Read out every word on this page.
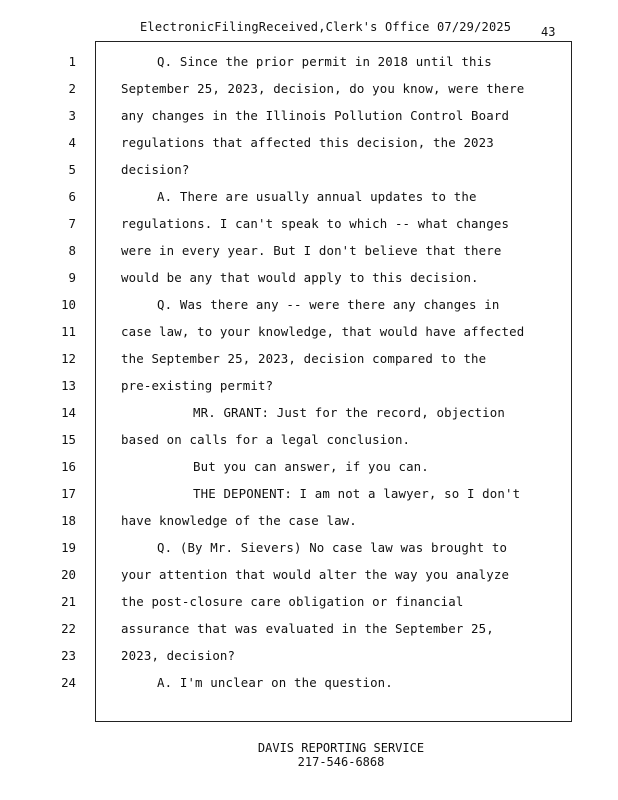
ElectronicFilingReceived,Clerk's Office 07/29/2025 43
1	Q. Since the prior permit in 2018 until this
2	September 25, 2023, decision, do you know, were there
3	any changes in the Illinois Pollution Control Board
4	regulations that affected this decision, the 2023
5	decision?
6	A. There are usually annual updates to the
7	regulations. I can't speak to which -- what changes
8	were in every year. But I don't believe that there
9	would be any that would apply to this decision.
10	Q. Was there any -- were there any changes in
11	case law, to your knowledge, that would have affected
12	the September 25, 2023, decision compared to the
13	pre-existing permit?
14	MR. GRANT: Just for the record, objection
15	based on calls for a legal conclusion.
16	But you can answer, if you can.
17	THE DEPONENT: I am not a lawyer, so I don't
18	have knowledge of the case law.
19	Q. (By Mr. Sievers) No case law was brought to
20	your attention that would alter the way you analyze
21	the post-closure care obligation or financial
22	assurance that was evaluated in the September 25,
23	2023, decision?
24	A. I'm unclear on the question.
DAVIS REPORTING SERVICE
217-546-6868
